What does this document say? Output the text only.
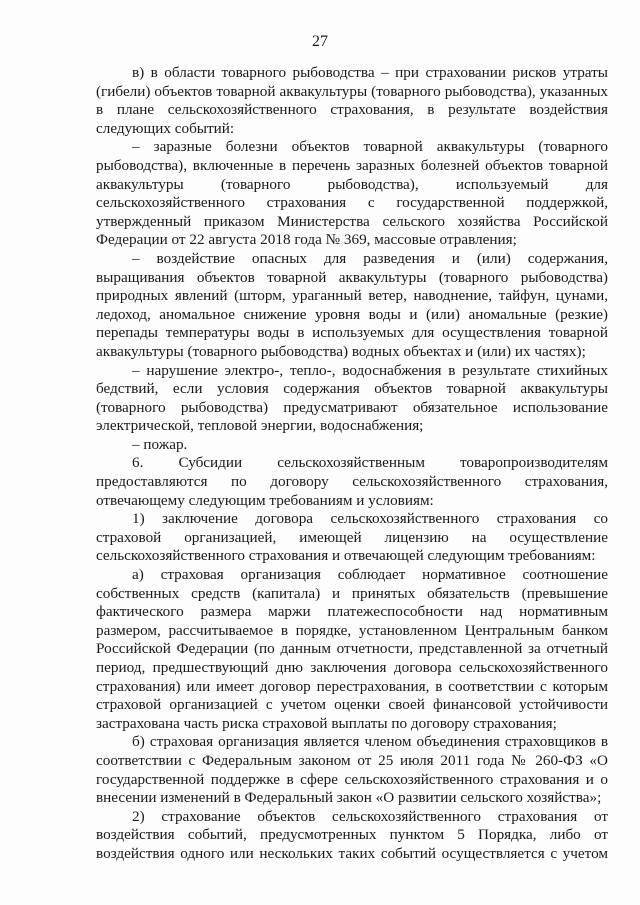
27

в) в области товарного рыбоводства – при страховании рисков утраты (гибели) объектов товарной аквакультуры (товарного рыбоводства), указанных в плане сельскохозяйственного страхования, в результате воздействия следующих событий:

– заразные болезни объектов товарной аквакультуры (товарного рыбоводства), включенные в перечень заразных болезней объектов товарной аквакультуры (товарного рыбоводства), используемый для сельскохозяйственного страхования с государственной поддержкой, утвержденный приказом Министерства сельского хозяйства Российской Федерации от 22 августа 2018 года № 369, массовые отравления;

– воздействие опасных для разведения и (или) содержания, выращивания объектов товарной аквакультуры (товарного рыбоводства) природных явлений (шторм, ураганный ветер, наводнение, тайфун, цунами, ледоход, аномальное снижение уровня воды и (или) аномальные (резкие) перепады температуры воды в используемых для осуществления товарной аквакультуры (товарного рыбоводства) водных объектах и (или) их частях);

– нарушение электро-, тепло-, водоснабжения в результате стихийных бедствий, если условия содержания объектов товарной аквакультуры (товарного рыбоводства) предусматривают обязательное использование электрической, тепловой энергии, водоснабжения;

– пожар.

6. Субсидии сельскохозяйственным товаропроизводителям предоставляются по договору сельскохозяйственного страхования, отвечающему следующим требованиям и условиям:

1) заключение договора сельскохозяйственного страхования со страховой организацией, имеющей лицензию на осуществление сельскохозяйственного страхования и отвечающей следующим требованиям:

а) страховая организация соблюдает нормативное соотношение собственных средств (капитала) и принятых обязательств (превышение фактического размера маржи платежеспособности над нормативным размером, рассчитываемое в порядке, установленном Центральным банком Российской Федерации (по данным отчетности, представленной за отчетный период, предшествующий дню заключения договора сельскохозяйственного страхования) или имеет договор перестрахования, в соответствии с которым страховой организацией с учетом оценки своей финансовой устойчивости застрахована часть риска страховой выплаты по договору страхования;

б) страховая организация является членом объединения страховщиков в соответствии с Федеральным законом от 25 июля 2011 года № 260-ФЗ «О государственной поддержке в сфере сельскохозяйственного страхования и о внесении изменений в Федеральный закон «О развитии сельского хозяйства»;

2) страхование объектов сельскохозяйственного страхования от воздействия событий, предусмотренных пунктом 5 Порядка, либо от воздействия одного или нескольких таких событий осуществляется с учетом
